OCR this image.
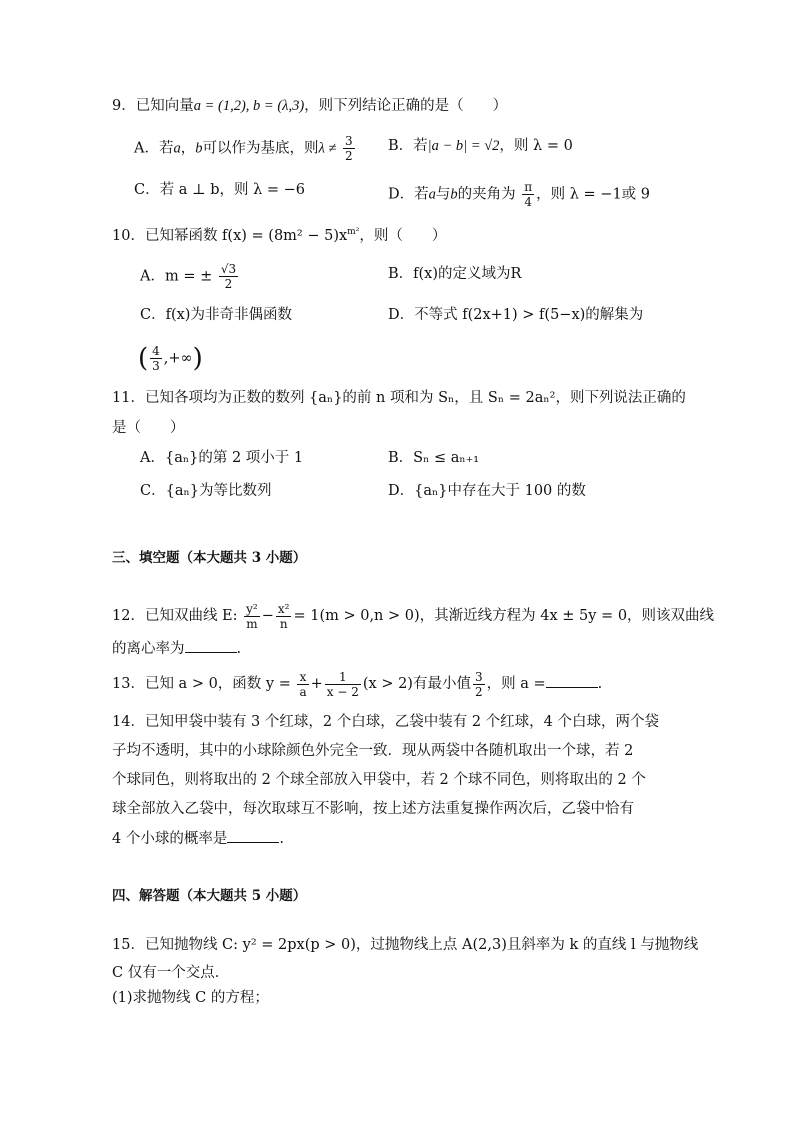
9．已知向量a = (1,2), b = (λ,3)，则下列结论正确的是（　　）
A．若a，b可以作为基底，则$\lambda \ne \frac{3}{2}$ B．若|a − b| = √2，则 λ = 0
C．若 a ⊥ b，则 λ = −6	D．若a与b的夹角为 $\frac{\pi}{4}$ ，则 λ = −1或 9
10．已知幂函数 $f(x) = (8m^2 - 5)x^{m^2}$，则（　　）
A．m = ± $\frac{√3}{2}$	B．f(x)的定义域为R
C．f(x)为非奇非偶函数	D．不等式 f(2x+1) > f(5−x)的解集为
( $\frac{4}{3}$ ,+∞)
11．已知各项均为正数的数列 {aₙ}的前 n 项和为 Sₙ，且 Sₙ = 2aₙ²，则下列说法正确的
是（　　）
A．{aₙ}的第 2 项小于 1	B．Sₙ ≤ aₙ₊₁
C．{aₙ}为等比数列	D．{aₙ}中存在大于 100 的数
三、填空题（本大题共 3 小题）
12．已知双曲线 E: $\frac{\text{y²}}{m} - \frac{\text{x²}}{n} = 1(m > 0,n > 0)$，其渐近线方程为 4x ± 5y = 0，则该双曲线
的离心率为	.
13．已知 a > 0，函数 $y = \frac{x}{a} + \frac{1}{x - 2} (x > 2)$有最小值 $\frac{3}{2}$ ，则 a =	.
14．已知甲袋中装有 3 个红球，2 个白球，乙袋中装有 2 个红球，4 个白球，两个袋
子均不透明，其中的小球除颜色外完全一致．现从两袋中各随机取出一个球，若 2
个球同色，则将取出的 2 个球全部放入甲袋中，若 2 个球不同色，则将取出的 2 个
球全部放入乙袋中，每次取球互不影响，按上述方法重复操作两次后，乙袋中恰有
4 个小球的概率是	.
四、解答题（本大题共 5 小题）
15．已知抛物线 C: y² = 2px(p > 0)，过抛物线上点 A(2,3)且斜率为 k 的直线 l 与抛物线
C 仅有一个交点．
(1)求抛物线 C 的方程；
